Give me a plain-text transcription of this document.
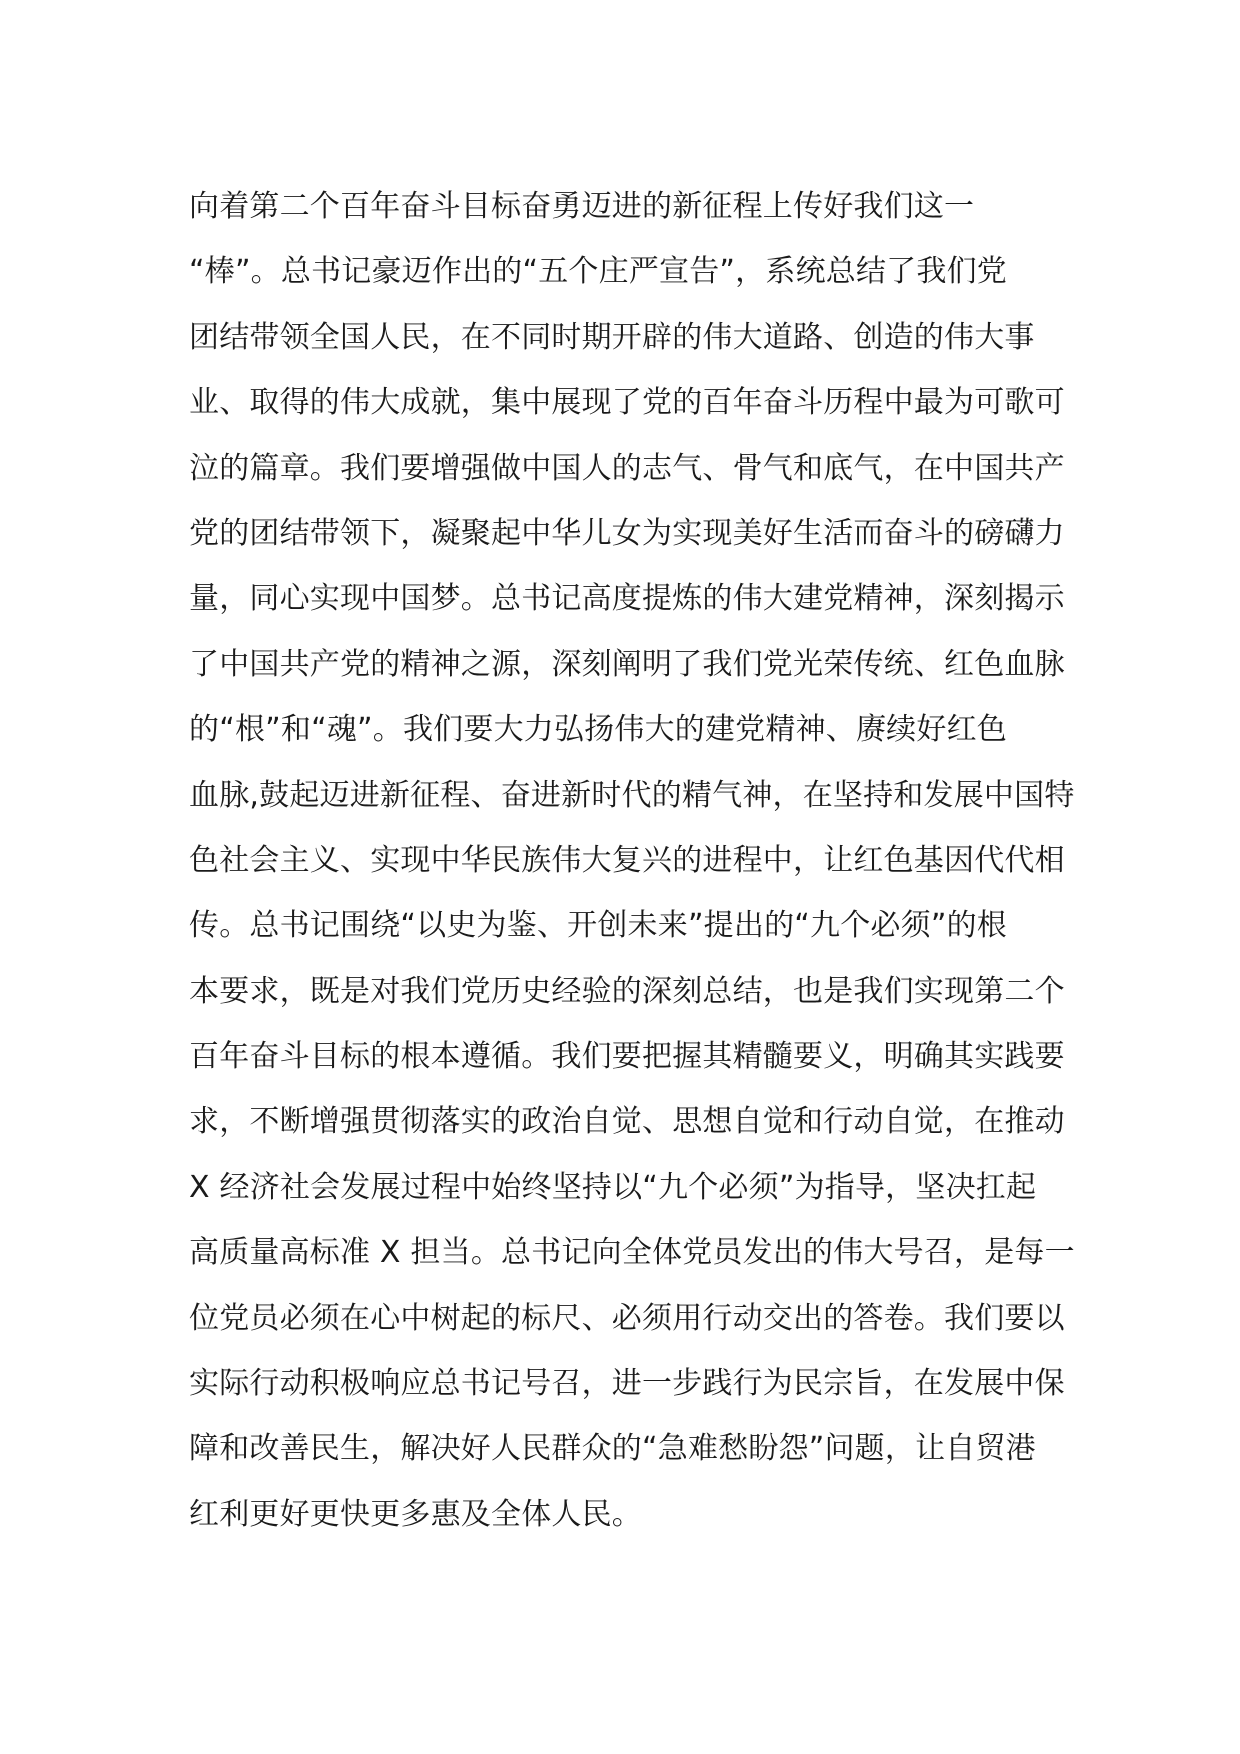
向着第二个百年奋斗目标奋勇迈进的新征程上传好我们这一
“棒”。总书记豪迈作出的“五个庄严宣告”，系统总结了我们党
团结带领全国人民，在不同时期开辟的伟大道路、创造的伟大事
业、取得的伟大成就，集中展现了党的百年奋斗历程中最为可歌可
泣的篇章。我们要增强做中国人的志气、骨气和底气，在中国共产
党的团结带领下，凝聚起中华儿女为实现美好生活而奋斗的磅礴力
量，同心实现中国梦。总书记高度提炼的伟大建党精神，深刻揭示
了中国共产党的精神之源，深刻阐明了我们党光荣传统、红色血脉
的“根”和“魂”。我们要大力弘扬伟大的建党精神、赓续好红色
血脉,鼓起迈进新征程、奋进新时代的精气神，在坚持和发展中国特
色社会主义、实现中华民族伟大复兴的进程中，让红色基因代代相
传。总书记围绕“以史为鉴、开创未来”提出的“九个必须”的根
本要求，既是对我们党历史经验的深刻总结，也是我们实现第二个
百年奋斗目标的根本遵循。我们要把握其精髓要义，明确其实践要
求，不断增强贯彻落实的政治自觉、思想自觉和行动自觉，在推动
X 经济社会发展过程中始终坚持以“九个必须”为指导，坚决扛起
高质量高标准 X 担当。总书记向全体党员发出的伟大号召，是每一
位党员必须在心中树起的标尺、必须用行动交出的答卷。我们要以
实际行动积极响应总书记号召，进一步践行为民宗旨，在发展中保
障和改善民生，解决好人民群众的“急难愁盼怨”问题，让自贸港
红利更好更快更多惠及全体人民。
